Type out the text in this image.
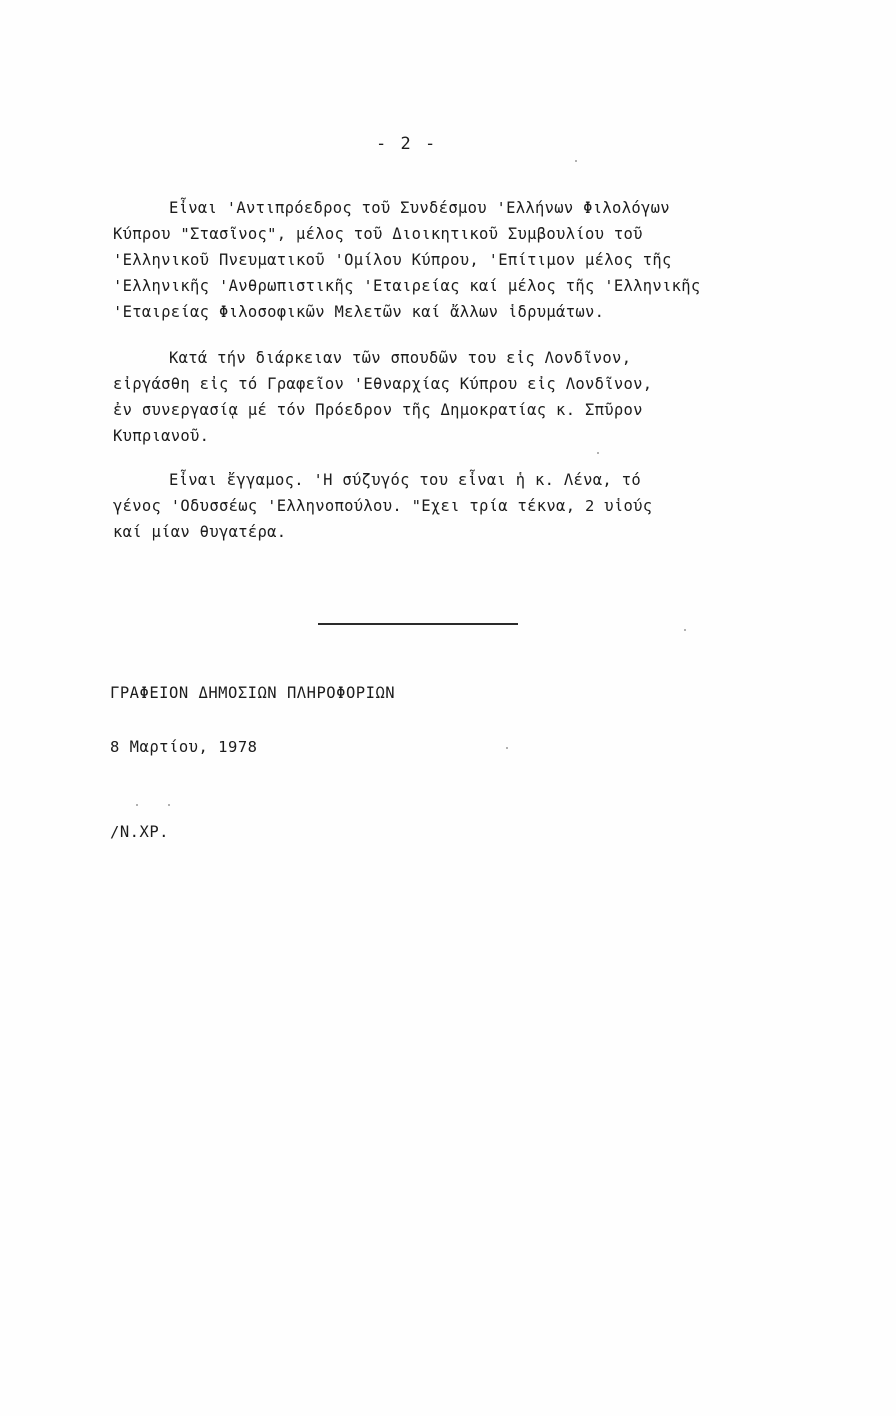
- 2 -

Εἶναι 'Αντιπρόεδρος τοῦ Συνδέσμου 'Ελλήνων Φιλολόγων
Κύπρου "Στασῖνος", μέλος τοῦ Διοικητικοῦ Συμβουλίου τοῦ
'Ελληνικοῦ Πνευματικοῦ 'Ομίλου Κύπρου, 'Επίτιμον μέλος τῆς
'Ελληνικῆς 'Ανθρωπιστικῆς 'Εταιρείας καί μέλος τῆς 'Ελληνικῆς
'Εταιρείας Φιλοσοφικῶν Μελετῶν καί ἄλλων ἱδρυμάτων.

Κατά τήν διάρκειαν τῶν σπουδῶν του εἰς Λονδῖνον,
εἰργάσθη εἰς τό Γραφεῖον 'Εθναρχίας Κύπρου εἰς Λονδῖνον,
ἐν συνεργασίᾳ μέ τόν Πρόεδρον τῆς Δημοκρατίας κ. Σπῦρον
Κυπριανοῦ.

Εἶναι ἔγγαμος. 'Η σύζυγός του εἶναι ἡ κ. Λένα, τό
γένος 'Οδυσσέως 'Ελληνοπούλου. "Εχει τρία τέκνα, 2 υἱούς
καί μίαν θυγατέρα.

ΓΡΑΦΕΙΟΝ ΔΗΜΟΣΙΩΝ ΠΛΗΡΟΦΟΡΙΩΝ
8 Μαρτίου, 1978
/Ν.ΧΡ.
